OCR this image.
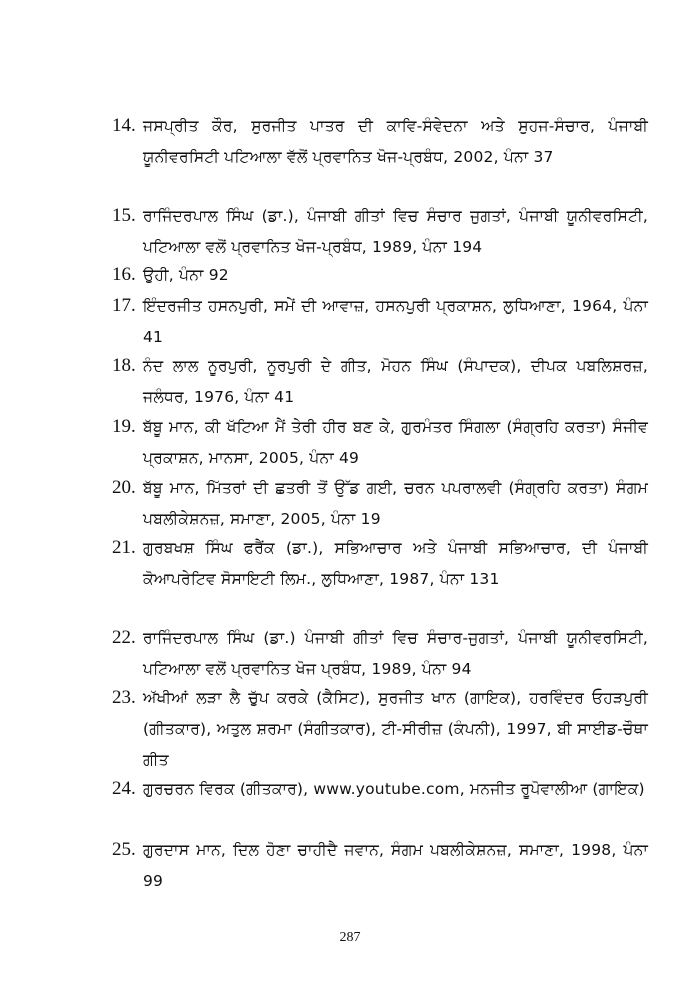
14. ਜਸਪ੍ਰੀਤ ਕੌਰ, ਸੁਰਜੀਤ ਪਾਤਰ ਦੀ ਕਾਵਿ-ਸੰਵੇਦਨਾ ਅਤੇ ਸੁਹਜ-ਸੰਚਾਰ, ਪੰਜਾਬੀ ਯੂਨੀਵਰਸਿਟੀ ਪਟਿਆਲਾ ਵੱਲੋਂ ਪ੍ਰਵਾਨਿਤ ਖੋਜ-ਪ੍ਰਬੰਧ, 2002, ਪੰਨਾ 37
15. ਰਾਜਿੰਦਰਪਾਲ ਸਿੰਘ (ਡਾ.), ਪੰਜਾਬੀ ਗੀਤਾਂ ਵਿਚ ਸੰਚਾਰ ਜੁਗਤਾਂ, ਪੰਜਾਬੀ ਯੂਨੀਵਰਸਿਟੀ, ਪਟਿਆਲਾ ਵਲੋਂ ਪ੍ਰਵਾਨਿਤ ਖੋਜ-ਪ੍ਰਬੰਧ, 1989, ਪੰਨਾ 194
16. ਉਹੀ, ਪੰਨਾ 92
17. ਇੰਦਰਜੀਤ ਹਸਨਪੁਰੀ, ਸਮੇਂ ਦੀ ਆਵਾਜ਼, ਹਸਨਪੁਰੀ ਪ੍ਰਕਾਸ਼ਨ, ਲੁਧਿਆਣਾ, 1964, ਪੰਨਾ 41
18. ਨੰਦ ਲਾਲ ਨੂਰਪੁਰੀ, ਨੂਰਪੁਰੀ ਦੇ ਗੀਤ, ਮੋਹਨ ਸਿੰਘ (ਸੰਪਾਦਕ), ਦੀਪਕ ਪਬਲਿਸ਼ਰਜ਼, ਜਲੰਧਰ, 1976, ਪੰਨਾ 41
19. ਬੱਬੂ ਮਾਨ, ਕੀ ਖੱਟਿਆ ਮੈਂ ਤੇਰੀ ਹੀਰ ਬਣ ਕੇ, ਗੁਰਮੰਤਰ ਸਿੰਗਲਾ (ਸੰਗ੍ਰਹਿ ਕਰਤਾ) ਸੰਜੀਵ ਪ੍ਰਕਾਸ਼ਨ, ਮਾਨਸਾ, 2005, ਪੰਨਾ 49
20. ਬੱਬੂ ਮਾਨ, ਮਿੱਤਰਾਂ ਦੀ ਛਤਰੀ ਤੋਂ ਉੱਡ ਗਈ, ਚਰਨ ਪਪਰਾਲਵੀ (ਸੰਗ੍ਰਹਿ ਕਰਤਾ) ਸੰਗਮ ਪਬਲੀਕੇਸ਼ਨਜ਼, ਸਮਾਣਾ, 2005, ਪੰਨਾ 19
21. ਗੁਰਬਖਸ਼ ਸਿੰਘ ਫਰੈਂਕ (ਡਾ.), ਸਭਿਆਚਾਰ ਅਤੇ ਪੰਜਾਬੀ ਸਭਿਆਚਾਰ, ਦੀ ਪੰਜਾਬੀ ਕੋਆਪਰੇਟਿਵ ਸੋਸਾਇਟੀ ਲਿਮ., ਲੁਧਿਆਣਾ, 1987, ਪੰਨਾ 131
22. ਰਾਜਿੰਦਰਪਾਲ ਸਿੰਘ (ਡਾ.) ਪੰਜਾਬੀ ਗੀਤਾਂ ਵਿਚ ਸੰਚਾਰ-ਜੁਗਤਾਂ, ਪੰਜਾਬੀ ਯੂਨੀਵਰਸਿਟੀ, ਪਟਿਆਲਾ ਵਲੋਂ ਪ੍ਰਵਾਨਿਤ ਖੋਜ ਪ੍ਰਬੰਧ, 1989, ਪੰਨਾ 94
23. ਅੱਖੀਆਂ ਲੜਾ ਲੈ ਚੁੱਪ ਕਰਕੇ (ਕੈਸਿਟ), ਸੁਰਜੀਤ ਖਾਨ (ਗਾਇਕ), ਹਰਵਿੰਦਰ ਓਹੜਪੁਰੀ (ਗੀਤਕਾਰ), ਅਤੁਲ ਸ਼ਰਮਾ (ਸੰਗੀਤਕਾਰ), ਟੀ-ਸੀਰੀਜ਼ (ਕੰਪਨੀ), 1997, ਬੀ ਸਾਈਡ-ਚੌਥਾ ਗੀਤ
24. ਗੁਰਚਰਨ ਵਿਰਕ (ਗੀਤਕਾਰ), www.youtube.com, ਮਨਜੀਤ ਰੂਪੋਵਾਲੀਆ (ਗਾਇਕ)
25. ਗੁਰਦਾਸ ਮਾਨ, ਦਿਲ ਹੋਣਾ ਚਾਹੀਦੈ ਜਵਾਨ, ਸੰਗਮ ਪਬਲੀਕੇਸ਼ਨਜ਼, ਸਮਾਣਾ, 1998, ਪੰਨਾ 99
287
